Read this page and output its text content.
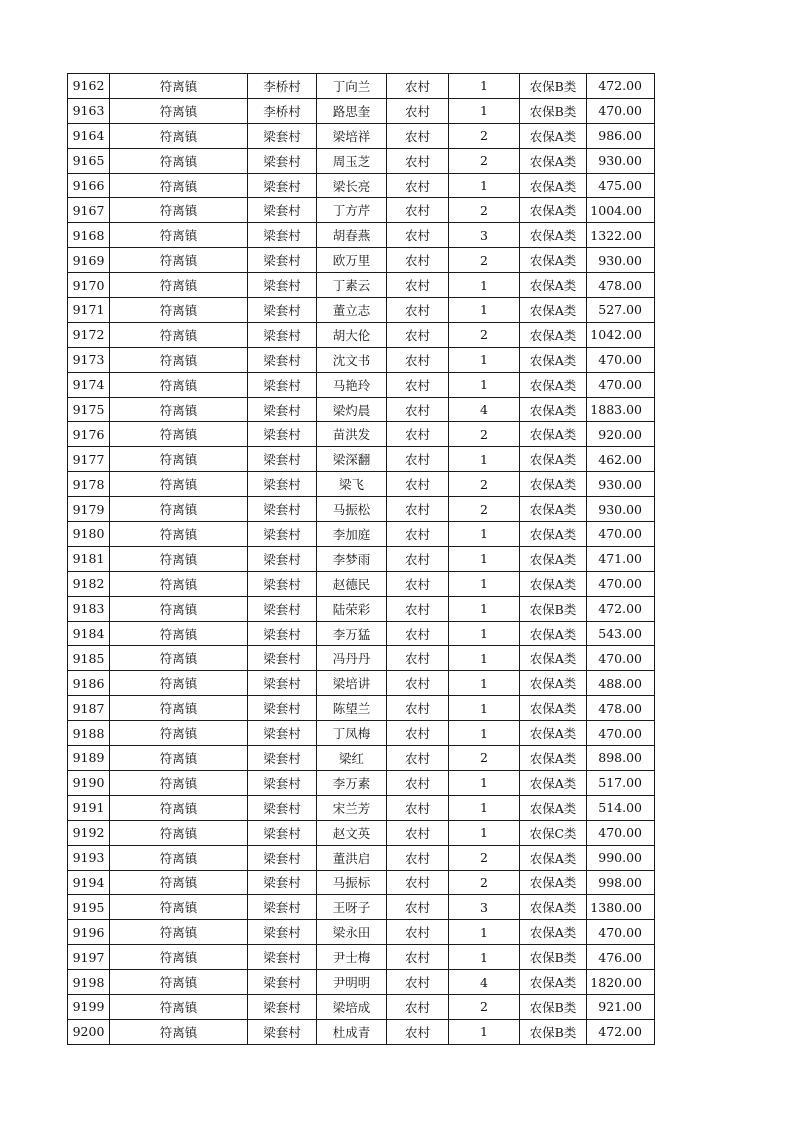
9162	符离镇	李桥村	丁向兰	农村	1	农保B类	472.00
9163	符离镇	李桥村	路思奎	农村	1	农保B类	470.00
9164	符离镇	梁套村	梁培祥	农村	2	农保A类	986.00
9165	符离镇	梁套村	周玉芝	农村	2	农保A类	930.00
9166	符离镇	梁套村	梁长亮	农村	1	农保A类	475.00
9167	符离镇	梁套村	丁方芹	农村	2	农保A类	1004.00
9168	符离镇	梁套村	胡春燕	农村	3	农保A类	1322.00
9169	符离镇	梁套村	欧万里	农村	2	农保A类	930.00
9170	符离镇	梁套村	丁素云	农村	1	农保A类	478.00
9171	符离镇	梁套村	董立志	农村	1	农保A类	527.00
9172	符离镇	梁套村	胡大伦	农村	2	农保A类	1042.00
9173	符离镇	梁套村	沈文书	农村	1	农保A类	470.00
9174	符离镇	梁套村	马艳玲	农村	1	农保A类	470.00
9175	符离镇	梁套村	梁灼晨	农村	4	农保A类	1883.00
9176	符离镇	梁套村	苗洪发	农村	2	农保A类	920.00
9177	符离镇	梁套村	梁深翻	农村	1	农保A类	462.00
9178	符离镇	梁套村	梁飞	农村	2	农保A类	930.00
9179	符离镇	梁套村	马振松	农村	2	农保A类	930.00
9180	符离镇	梁套村	李加庭	农村	1	农保A类	470.00
9181	符离镇	梁套村	李梦雨	农村	1	农保A类	471.00
9182	符离镇	梁套村	赵德民	农村	1	农保A类	470.00
9183	符离镇	梁套村	陆荣彩	农村	1	农保B类	472.00
9184	符离镇	梁套村	李万猛	农村	1	农保A类	543.00
9185	符离镇	梁套村	冯丹丹	农村	1	农保A类	470.00
9186	符离镇	梁套村	梁培讲	农村	1	农保A类	488.00
9187	符离镇	梁套村	陈望兰	农村	1	农保A类	478.00
9188	符离镇	梁套村	丁凤梅	农村	1	农保A类	470.00
9189	符离镇	梁套村	梁红	农村	2	农保A类	898.00
9190	符离镇	梁套村	李万素	农村	1	农保A类	517.00
9191	符离镇	梁套村	宋兰芳	农村	1	农保A类	514.00
9192	符离镇	梁套村	赵文英	农村	1	农保C类	470.00
9193	符离镇	梁套村	董洪启	农村	2	农保A类	990.00
9194	符离镇	梁套村	马振标	农村	2	农保A类	998.00
9195	符离镇	梁套村	王呀子	农村	3	农保A类	1380.00
9196	符离镇	梁套村	梁永田	农村	1	农保A类	470.00
9197	符离镇	梁套村	尹士梅	农村	1	农保B类	476.00
9198	符离镇	梁套村	尹明明	农村	4	农保A类	1820.00
9199	符离镇	梁套村	梁培成	农村	2	农保B类	921.00
9200	符离镇	梁套村	杜成青	农村	1	农保B类	472.00
